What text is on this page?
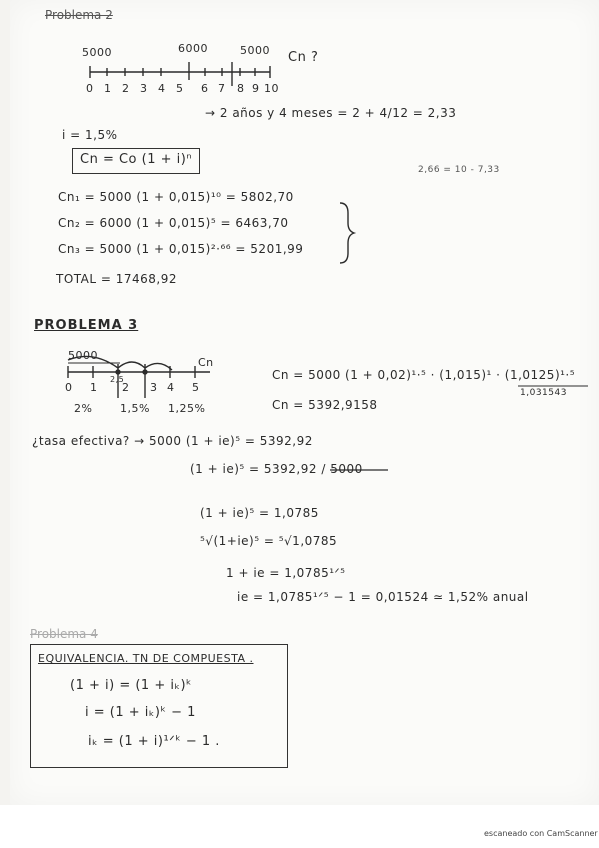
Problema 2
Problema 4
5000	6000	5000 Cn ?
0 1 2 3 4 5 6 7 8 9 10
→ 2 años y 4 meses = 2 + 4/12 = 2,33
i = 1,5%
Cn = Co (1 + i)ⁿ
2,66 = 10 - 7,33
Cn₁ = 5000 (1 + 0,015)¹⁰ = 5802,70
Cn₂ = 6000 (1 + 0,015)⁵ = 6463,70
Cn₃ = 5000 (1 + 0,015)²·⁶⁶ = 5201,99
TOTAL = 17468,92
PROBLEMA 3
5000
Cn
2,5
0 1 2 3 4 5
2%	1,5% 1,25%
Cn = 5000 (1 + 0,02)¹·⁵ · (1,015)¹ · (1,0125)¹·⁵
1,031543
Cn = 5392,9158
¿tasa efectiva? → 5000 (1 + ie)⁵ = 5392,92
(1 + ie)⁵ = 5392,92 / 5000
(1 + ie)⁵ = 1,0785
⁵√(1+ie)⁵ = ⁵√1,0785
1 + ie = 1,0785¹ᐟ⁵
ie = 1,0785¹ᐟ⁵ − 1 = 0,01524 ≃ 1,52% anual
EQUIVALENCIA. TN DE COMPUESTA .
(1 + i) = (1 + iₖ)ᵏ
i = (1 + iₖ)ᵏ − 1
iₖ = (1 + i)¹ᐟᵏ − 1 .
escaneado con CamScanner
